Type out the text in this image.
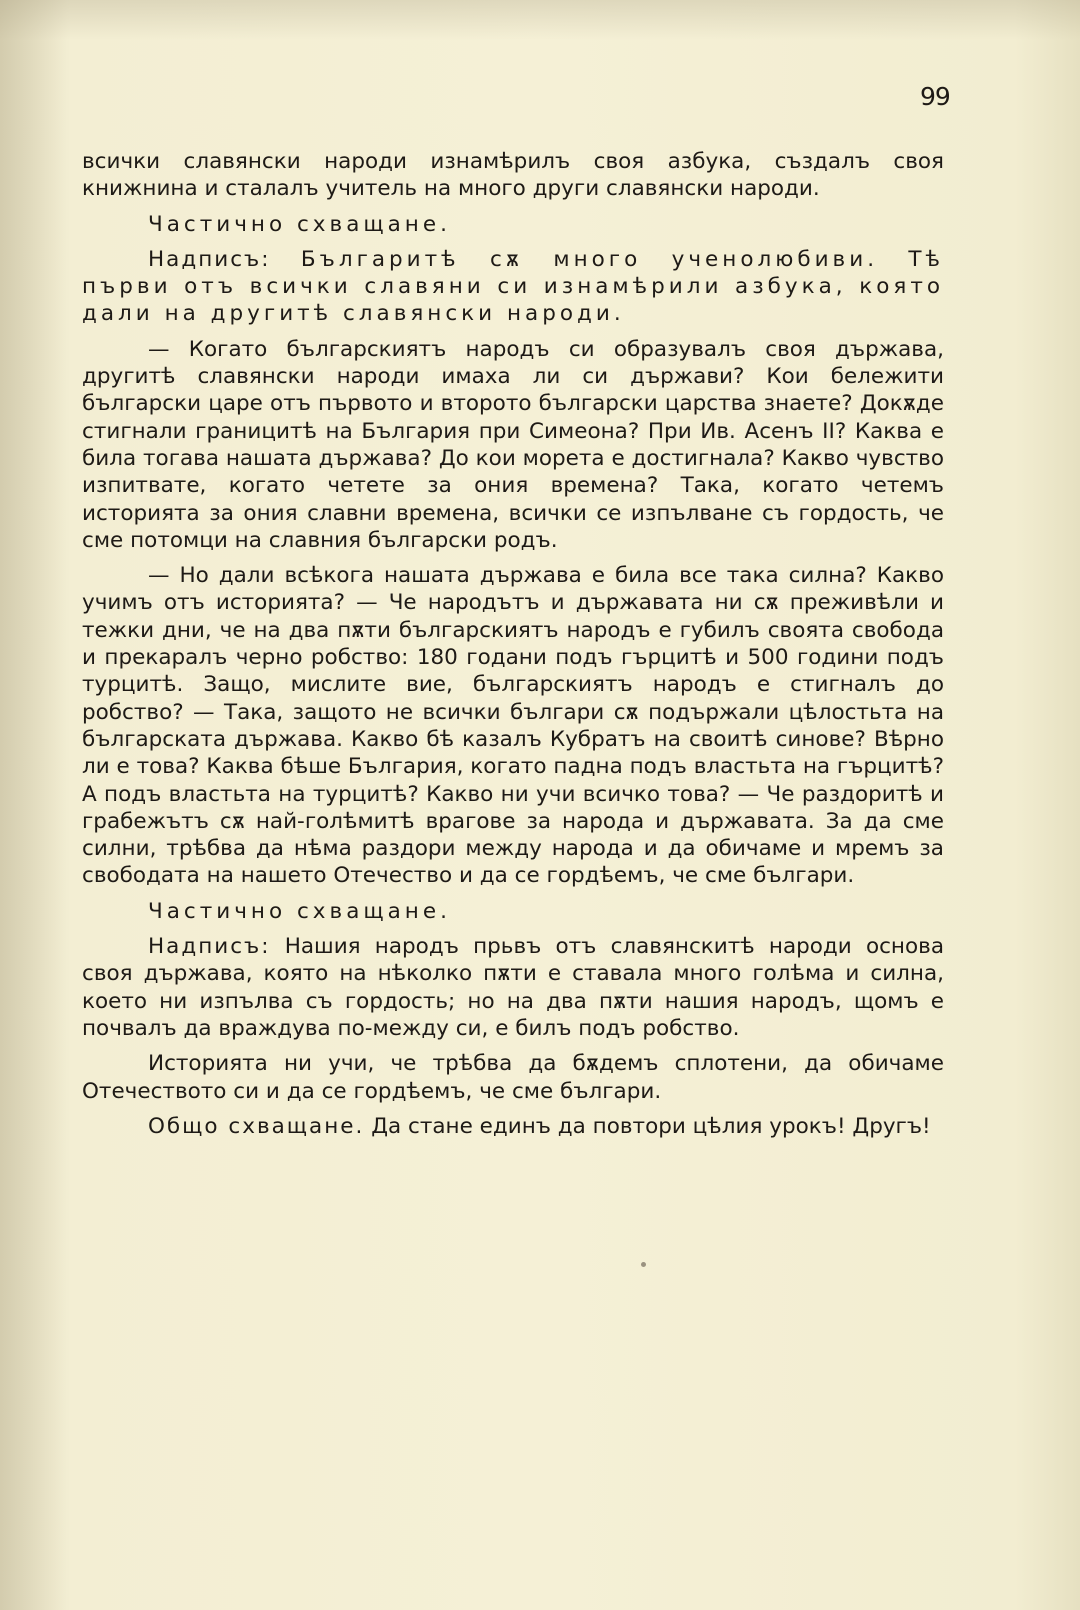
99

всички славянски народи изнамѣрилъ своя азбука, създалъ своя книжнина и сталалъ учитель на много други славянски народи.

Частично схващане.

Надписъ: Българитѣ сѫ много ученолюбиви. Тѣ първи отъ всички славяни си изнамѣрили азбука, която дали на другитѣ славянски народи.

— Когато българскиятъ народъ си образувалъ своя държава, другитѣ славянски народи имаха ли си държави? Кои бележити български царе отъ първото и второто български царства знаете? Докѫде стигнали границитѣ на България при Симеона? При Ив. Асенъ II? Каква е била тогава нашата държава? До кои морета е достигнала? Какво чувство изпитвате, когато четете за ония времена? Така, когато четемъ историята за ония славни времена, всички се изпълване съ гордость, че сме потомци на славния български родъ.

— Но дали всѣкога нашата държава е била все така силна? Какво учимъ отъ историята? — Че народътъ и държавата ни сѫ преживѣли и тежки дни, че на два пѫти българскиятъ народъ е губилъ своята свобода и прекаралъ черно робство: 180 годани подъ гърцитѣ и 500 години подъ турцитѣ. Защо, мислите вие, българскиятъ народъ е стигналъ до робство? — Така, защото не всички българи сѫ подържали цѣлостьта на българската държава. Какво бѣ казалъ Кубратъ на своитѣ синове? Вѣрно ли е това? Каква бѣше България, когато падна подъ властьта на гърцитѣ? А подъ властьта на турцитѣ? Какво ни учи всичко това? — Че раздоритѣ и грабежътъ сѫ най-голѣмитѣ врагове за народа и държавата. За да сме силни, трѣбва да нѣма раздори между народа и да обичаме и мремъ за свободата на нашето Отечество и да се гордѣемъ, че сме българи.

Частично схващане.

Надписъ: Нашия народъ прьвъ отъ славянскитѣ народи основа своя държава, която на нѣколко пѫти е ставала много голѣма и силна, което ни изпълва съ гордость; но на два пѫти нашия народъ, щомъ е почвалъ да враждува по-между си, е билъ подъ робство.

Историята ни учи, че трѣбва да бѫдемъ сплотени, да обичаме Отечеството си и да се гордѣемъ, че сме българи.

Общо схващане. Да стане единъ да повтори цѣлия урокъ! Другъ!
